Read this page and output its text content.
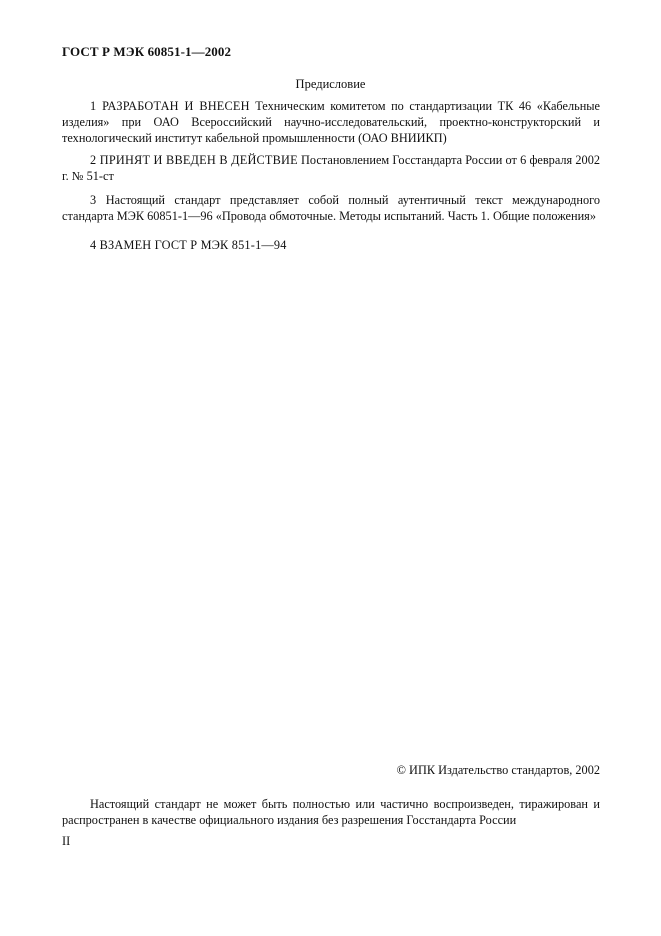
ГОСТ Р МЭК 60851-1—2002
Предисловие

1 РАЗРАБОТАН И ВНЕСЕН Техническим комитетом по стандартизации ТК 46 «Кабельные изделия» при ОАО Всероссийский научно-исследовательский, проектно-конструкторский и технологический институт кабельной промышленности (ОАО ВНИИКП)

2 ПРИНЯТ И ВВЕДЕН В ДЕЙСТВИЕ Постановлением Госстандарта России от 6 февраля 2002 г. № 51-ст

3 Настоящий стандарт представляет собой полный аутентичный текст международного стандарта МЭК 60851-1—96 «Провода обмоточные. Методы испытаний. Часть 1. Общие положения»

4 ВЗАМЕН ГОСТ Р МЭК 851-1—94

© ИПК Издательство стандартов, 2002

Настоящий стандарт не может быть полностью или частично воспроизведен, тиражирован и распространен в качестве официального издания без разрешения Госстандарта России

II
